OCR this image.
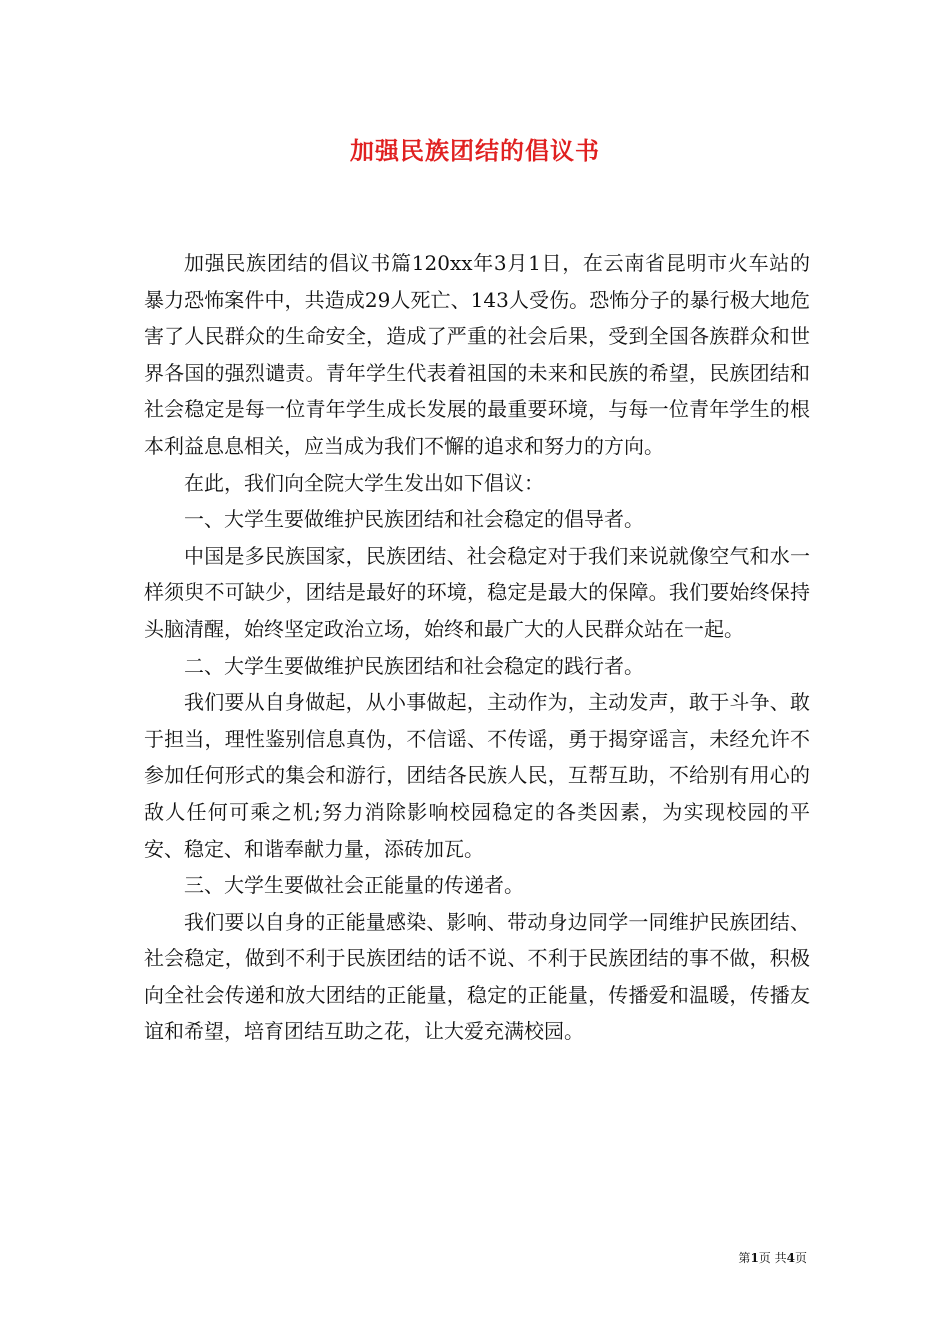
加强民族团结的倡议书

加强民族团结的倡议书篇120xx年3月1日，在云南省昆明市火车站的暴力恐怖案件中，共造成29人死亡、143人受伤。恐怖分子的暴行极大地危害了人民群众的生命安全，造成了严重的社会后果，受到全国各族群众和世界各国的强烈谴责。青年学生代表着祖国的未来和民族的希望，民族团结和社会稳定是每一位青年学生成长发展的最重要环境，与每一位青年学生的根本利益息息相关，应当成为我们不懈的追求和努力的方向。

在此，我们向全院大学生发出如下倡议：

一、大学生要做维护民族团结和社会稳定的倡导者。

中国是多民族国家，民族团结、社会稳定对于我们来说就像空气和水一样须臾不可缺少，团结是最好的环境，稳定是最大的保障。我们要始终保持头脑清醒，始终坚定政治立场，始终和最广大的人民群众站在一起。

二、大学生要做维护民族团结和社会稳定的践行者。

我们要从自身做起，从小事做起，主动作为，主动发声，敢于斗争、敢于担当，理性鉴别信息真伪，不信谣、不传谣，勇于揭穿谣言，未经允许不参加任何形式的集会和游行，团结各民族人民，互帮互助，不给别有用心的敌人任何可乘之机;努力消除影响校园稳定的各类因素，为实现校园的平安、稳定、和谐奉献力量，添砖加瓦。

三、大学生要做社会正能量的传递者。

我们要以自身的正能量感染、影响、带动身边同学一同维护民族团结、社会稳定，做到不利于民族团结的话不说、不利于民族团结的事不做，积极向全社会传递和放大团结的正能量，稳定的正能量，传播爱和温暖，传播友谊和希望，培育团结互助之花，让大爱充满校园。

第1页 共4页
